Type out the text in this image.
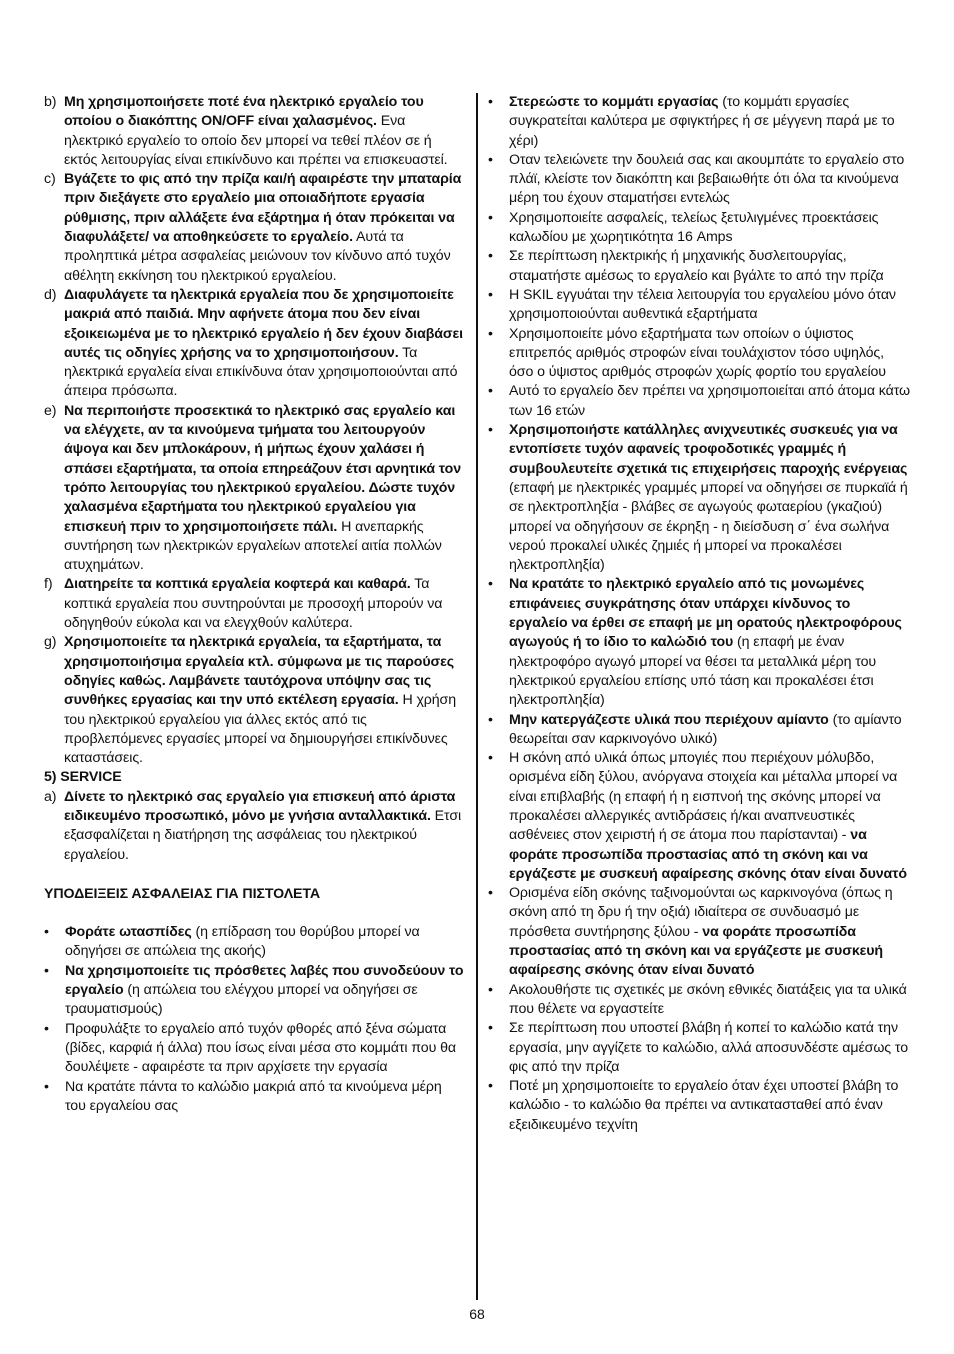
b) Μη χρησιμοποιήσετε ποτέ ένα ηλεκτρικό εργαλείο του οποίου ο διακόπτης ON/OFF είναι χαλασμένος. Ενα ηλεκτρικό εργαλείο το οποίο δεν μπορεί να τεθεί πλέον σε ή εκτός λειτουργίας είναι επικίνδυνο και πρέπει να επισκευαστεί.
c) Βγάζετε το φις από την πρίζα και/ή αφαιρέστε την μπαταρία πριν διεξάγετε στο εργαλείο μια οποιαδήποτε εργασία ρύθμισης, πριν αλλάξετε ένα εξάρτημα ή όταν πρόκειται να διαφυλάξετε/ να αποθηκεύσετε το εργαλείο. Αυτά τα προληπτικά μέτρα ασφαλείας μειώνουν τον κίνδυνο από τυχόν αθέλητη εκκίνηση του ηλεκτρικού εργαλείου.
d) Διαφυλάγετε τα ηλεκτρικά εργαλεία που δε χρησιμοποιείτε μακριά από παιδιά. Μην αφήνετε άτομα που δεν είναι εξοικειωμένα με το ηλεκτρικό εργαλείο ή δεν έχουν διαβάσει αυτές τις οδηγίες χρήσης να το χρησιμοποιήσουν. Τα ηλεκτρικά εργαλεία είναι επικίνδυνα όταν χρησιμοποιούνται από άπειρα πρόσωπα.
e) Να περιποιήστε προσεκτικά το ηλεκτρικό σας εργαλείο και να ελέγχετε, αν τα κινούμενα τμήματα του λειτουργούν άψογα και δεν μπλοκάρουν, ή μήπως έχουν χαλάσει ή σπάσει εξαρτήματα, τα οποία επηρεάζουν έτσι αρνητικά τον τρόπο λειτουργίας του ηλεκτρικού εργαλείου. Δώστε τυχόν χαλασμένα εξαρτήματα του ηλεκτρικού εργαλείου για επισκευή πριν το χρησιμοποιήσετε πάλι. Η ανεπαρκής συντήρηση των ηλεκτρικών εργαλείων αποτελεί αιτία πολλών ατυχημάτων.
f) Διατηρείτε τα κοπτικά εργαλεία κοφτερά και καθαρά. Τα κοπτικά εργαλεία που συντηρούνται με προσοχή μπορούν να οδηγηθούν εύκολα και να ελεγχθούν καλύτερα.
g) Χρησιμοποιείτε τα ηλεκτρικά εργαλεία, τα εξαρτήματα, τα χρησιμοποιήσιμα εργαλεία κτλ. σύμφωνα με τις παρούσες οδηγίες καθώς. Λαμβάνετε ταυτόχρονα υπόψην σας τις συνθήκες εργασίας και την υπό εκτέλεση εργασία. Η χρήση του ηλεκτρικού εργαλείου για άλλες εκτός από τις προβλεπόμενες εργασίες μπορεί να δημιουργήσει επικίνδυνες καταστάσεις.
5) SERVICE
a) Δίνετε το ηλεκτρικό σας εργαλείο για επισκευή από άριστα ειδικευμένο προσωπικό, μόνο με γνήσια ανταλλακτικά. Ετσι εξασφαλίζεται η διατήρηση της ασφάλειας του ηλεκτρικού εργαλείου.
ΥΠΟΔΕΙΞΕΙΣ ΑΣΦΑΛΕΙΑΣ ΓΙΑ ΠΙΣΤΟΛΕΤΑ
•	Φοράτε ωτασπίδες (η επίδραση του θορύβου μπορεί να οδηγήσει σε απώλεια της ακοής)
•	Να χρησιμοποιείτε τις πρόσθετες λαβές που συνοδεύουν το εργαλείο (η απώλεια του ελέγχου μπορεί να οδηγήσει σε τραυματισμούς)
•	Προφυλάξτε το εργαλείο από τυχόν φθορές από ξένα σώματα (βίδες, καρφιά ή άλλα) που ίσως είναι μέσα στο κομμάτι που θα δουλέψετε - αφαιρέστε τα πριν αρχίσετε την εργασία
•	Να κρατάτε πάντα το καλώδιο μακριά από τα κινούμενα μέρη του εργαλείου σας
•	Στερεώστε το κομμάτι εργασίας (το κομμάτι εργασίες συγκρατείται καλύτερα με σφιγκτήρες ή σε μέγγενη παρά με το χέρι)
•	Οταν τελειώνετε την δουλειά σας και ακουμπάτε το εργαλείο στο πλάϊ, κλείστε τον διακόπτη και βεβαιωθήτε ότι όλα τα κινούμενα μέρη του έχουν σταματήσει εντελώς
•	Χρησιμοποιείτε ασφαλείς, τελείως ξετυλιγμένες προεκτάσεις καλωδίου με χωρητικότητα 16 Amps
•	Σε περίπτωση ηλεκτρικής ή μηχανικής δυσλειτουργίας, σταματήστε αμέσως το εργαλείο και βγάλτε το από την πρίζα
•	Η SKIL εγγυάται την τέλεια λειτουργία του εργαλείου μόνο όταν χρησιμοποιούνται αυθεντικά εξαρτήματα
•	Χρησιμοποιείτε μόνο εξαρτήματα των οποίων ο ύψιστος επιτρεπός αριθμός στροφών είναι τουλάχιστον τόσο υψηλός, όσο ο ύψιστος αριθμός στροφών χωρίς φορτίο του εργαλείου
•	Αυτό το εργαλείο δεν πρέπει να χρησιμοποιείται από άτομα κάτω των 16 ετών
•	Χρησιμοποιήστε κατάλληλες ανιχνευτικές συσκευές για να εντοπίσετε τυχόν αφανείς τροφοδοτικές γραμμές ή συμβουλευτείτε σχετικά τις επιχειρήσεις παροχής ενέργειας (επαφή με ηλεκτρικές γραμμές μπορεί να οδηγήσει σε πυρκαϊά ή σε ηλεκτροπληξία - βλάβες σε αγωγούς φωταερίου (γκαζιού) μπορεί να οδηγήσουν σε έκρηξη - η διείσδυση σ΄ ένα σωλήνα νερού προκαλεί υλικές ζημιές ή μπορεί να προκαλέσει ηλεκτροπληξία)
•	Να κρατάτε το ηλεκτρικό εργαλείο από τις μονωμένες επιφάνειες συγκράτησης όταν υπάρχει κίνδυνος το εργαλείο να έρθει σε επαφή με μη ορατούς ηλεκτροφόρους αγωγούς ή το ίδιο το καλώδιό του (η επαφή με έναν ηλεκτροφόρο αγωγό μπορεί να θέσει τα μεταλλικά μέρη του ηλεκτρικού εργαλείου επίσης υπό τάση και προκαλέσει έτσι ηλεκτροπληξία)
•	Μην κατεργάζεστε υλικά που περιέχουν αμίαντο (το αμίαντο θεωρείται σαν καρκινογόνο υλικό)
•	Η σκόνη από υλικά όπως μπογιές που περιέχουν μόλυβδο, ορισμένα είδη ξύλου, ανόργανα στοιχεία και μέταλλα μπορεί να είναι επιβλαβής (η επαφή ή η εισπνοή της σκόνης μπορεί να προκαλέσει αλλεργικές αντιδράσεις ή/και αναπνευστικές ασθένειες στον χειριστή ή σε άτομα που παρίστανται) - να φοράτε προσωπίδα προστασίας από τη σκόνη και να εργάζεστε με συσκευή αφαίρεσης σκόνης όταν είναι δυνατό
•	Ορισμένα είδη σκόνης ταξινομούνται ως καρκινογόνα (όπως η σκόνη από τη δρυ ή την οξιά) ιδιαίτερα σε συνδυασμό με πρόσθετα συντήρησης ξύλου - να φοράτε προσωπίδα προστασίας από τη σκόνη και να εργάζεστε με συσκευή αφαίρεσης σκόνης όταν είναι δυνατό
•	Ακολουθήστε τις σχετικές με σκόνη εθνικές διατάξεις για τα υλικά που θέλετε να εργαστείτε
•	Σε περίπτωση που υποστεί βλάβη ή κοπεί το καλώδιο κατά την εργασία, μην αγγίζετε το καλώδιο, αλλά αποσυνδέστε αμέσως το φις από την πρίζα
•	Ποτέ μη χρησιμοποιείτε το εργαλείο όταν έχει υποστεί βλάβη το καλώδιο - το καλώδιο θα πρέπει να αντικατασταθεί από έναν εξειδικευμένο τεχνίτη
68
